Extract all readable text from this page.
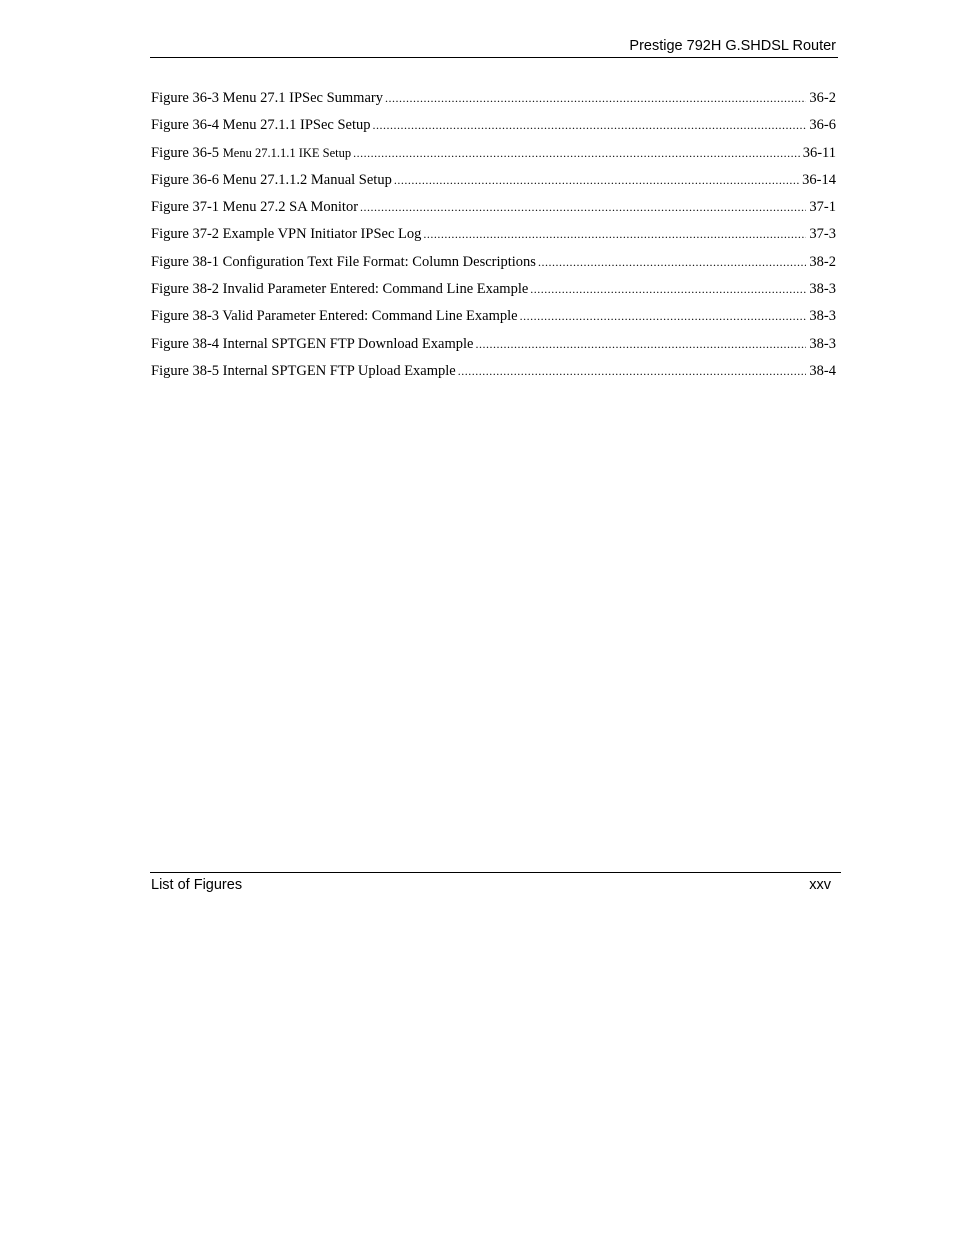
Prestige 792H G.SHDSL Router
Figure 36-3 Menu 27.1 IPSec Summary .....	36-2
Figure 36-4 Menu 27.1.1 IPSec Setup .....	36-6
Figure 36-5 Menu 27.1.1.1 IKE Setup .....	36-11
Figure 36-6 Menu 27.1.1.2 Manual Setup .....	36-14
Figure 37-1 Menu 27.2 SA Monitor .....	37-1
Figure 37-2 Example VPN Initiator IPSec Log .....	37-3
Figure 38-1 Configuration Text File Format: Column Descriptions .....	38-2
Figure 38-2 Invalid Parameter Entered: Command Line Example .....	38-3
Figure 38-3 Valid Parameter Entered: Command Line Example .....	38-3
Figure 38-4 Internal SPTGEN FTP Download Example .....	38-3
Figure 38-5 Internal SPTGEN FTP Upload Example .....	38-4
List of Figures	xxv
